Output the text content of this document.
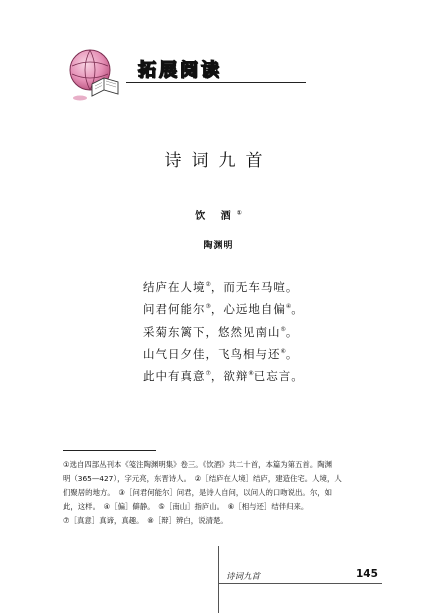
拓展阅读
诗词九首
饮 酒①
陶渊明
结庐在人境②，而无车马喧。
问君何能尔③，心远地自偏④。
采菊东篱下，悠然见南山⑤。
山气日夕佳，飞鸟相与还⑥。
此中有真意⑦，欲辩⑧已忘言。
①选自四部丛刊本《笺注陶渊明集》卷三。《饮酒》共二十首，本篇为第五首。陶渊
明（365—427），字元亮，东晋诗人。　②［结庐在人境］结庐，建造住宅。人境，人
们聚居的地方。　③［问君何能尔］问君，是诗人自问，以问人的口吻说出。尔，如
此，这样。　④［偏］僻静。　⑤［南山］指庐山。　⑥［相与还］结伴归来。
⑦［真意］真谛，真趣。　⑧［辩］辨白，说清楚。
诗词九首	145
